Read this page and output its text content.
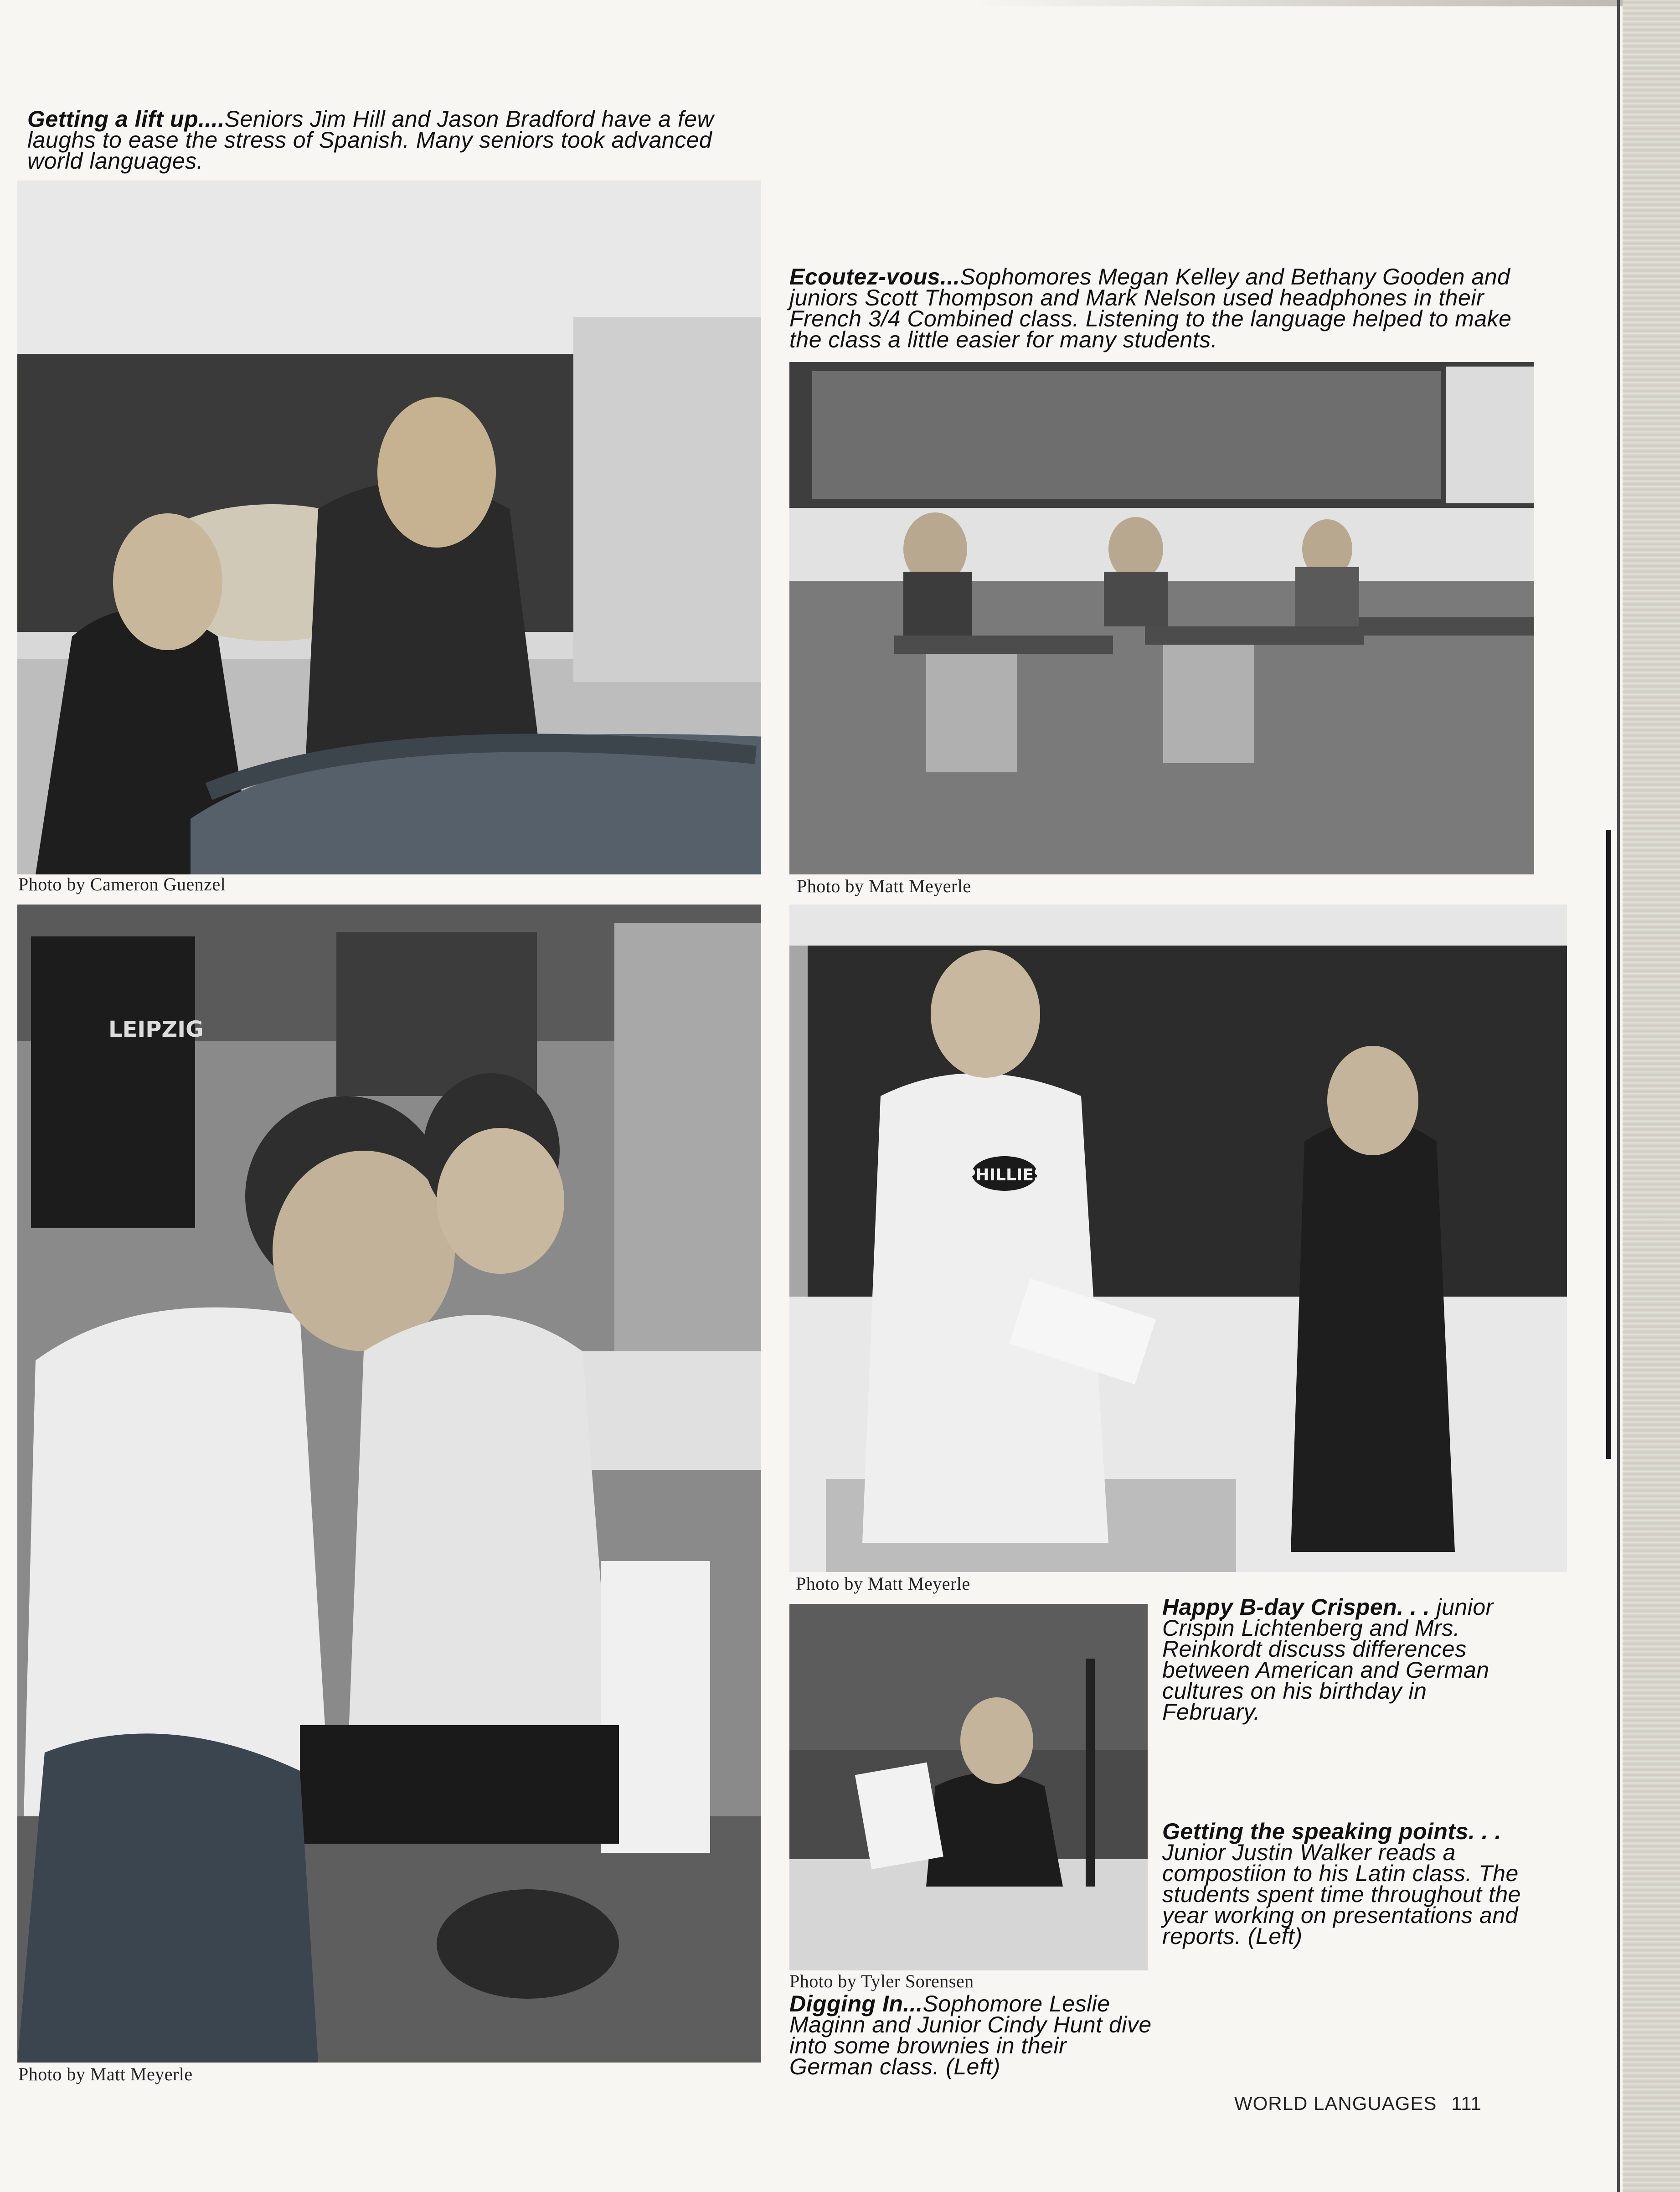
Getting a lift up....Seniors Jim Hill and Jason Bradford have a few laughs to ease the stress of Spanish. Many seniors took advanced world languages.
Photo by Cameron Guenzel
Ecoutez-vous...Sophomores Megan Kelley and Bethany Gooden and juniors Scott Thompson and Mark Nelson used headphones in their French 3/4 Combined class. Listening to the language helped to make the class a little easier for many students.
Photo by Matt Meyerle
LEIPZIG
Photo by Matt Meyerle
PHILLIES
Photo by Matt Meyerle
Photo by Tyler Sorensen
Happy B-day Crispen. . . junior Crispin Lichtenberg and Mrs. Reinkordt discuss differences between American and German cultures on his birthday in February.
Getting the speaking points. . . Junior Justin Walker reads a compostiion to his Latin class. The students spent time throughout the year working on presentations and reports. (Left)
Digging In...Sophomore Leslie Maginn and Junior Cindy Hunt dive into some brownies in their German class. (Left)
WORLD LANGUAGES 111
